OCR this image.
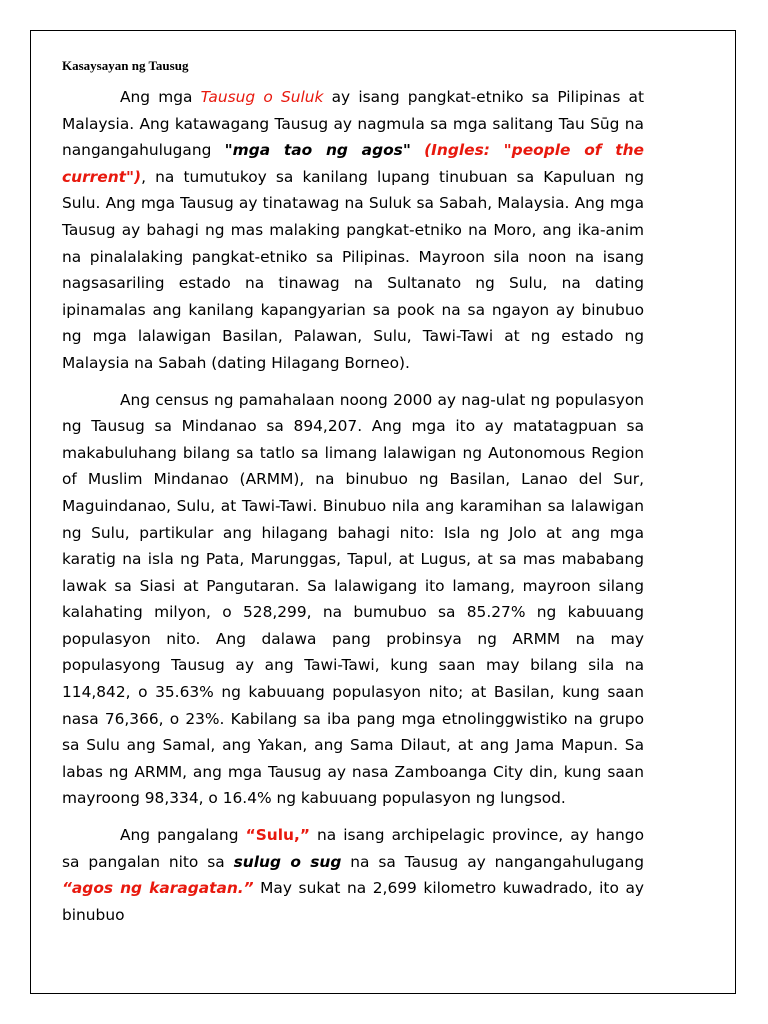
Kasaysayan ng Tausug

Ang mga Tausug o Suluk ay isang pangkat-etniko sa Pilipinas at Malaysia. Ang katawagang Tausug ay nagmula sa mga salitang Tau Sūg na nangangahulugang "mga tao ng agos" (Ingles: "people of the current"), na tumutukoy sa kanilang lupang tinubuan sa Kapuluan ng Sulu. Ang mga Tausug ay tinatawag na Suluk sa Sabah, Malaysia. Ang mga Tausug ay bahagi ng mas malaking pangkat-etniko na Moro, ang ika-anim na pinalalaking pangkat-etniko sa Pilipinas. Mayroon sila noon na isang nagsasariling estado na tinawag na Sultanato ng Sulu, na dating ipinamalas ang kanilang kapangyarian sa pook na sa ngayon ay binubuo ng mga lalawigan Basilan, Palawan, Sulu, Tawi-Tawi at ng estado ng Malaysia na Sabah (dating Hilagang Borneo).

Ang census ng pamahalaan noong 2000 ay nag-ulat ng populasyon ng Tausug sa Mindanao sa 894,207. Ang mga ito ay matatagpuan sa makabuluhang bilang sa tatlo sa limang lalawigan ng Autonomous Region of Muslim Mindanao (ARMM), na binubuo ng Basilan, Lanao del Sur, Maguindanao, Sulu, at Tawi-Tawi. Binubuo nila ang karamihan sa lalawigan ng Sulu, partikular ang hilagang bahagi nito: Isla ng Jolo at ang mga karatig na isla ng Pata, Marunggas, Tapul, at Lugus, at sa mas mababang lawak sa Siasi at Pangutaran. Sa lalawigang ito lamang, mayroon silang kalahating milyon, o 528,299, na bumubuo sa 85.27% ng kabuuang populasyon nito. Ang dalawa pang probinsya ng ARMM na may populasyong Tausug ay ang Tawi-Tawi, kung saan may bilang sila na 114,842, o 35.63% ng kabuuang populasyon nito; at Basilan, kung saan nasa 76,366, o 23%. Kabilang sa iba pang mga etnolinggwistiko na grupo sa Sulu ang Samal, ang Yakan, ang Sama Dilaut, at ang Jama Mapun. Sa labas ng ARMM, ang mga Tausug ay nasa Zamboanga City din, kung saan mayroong 98,334, o 16.4% ng kabuuang populasyon ng lungsod.

Ang pangalang “Sulu,” na isang archipelagic province, ay hango sa pangalan nito sa sulug o sug na sa Tausug ay nangangahulugang “agos ng karagatan.” May sukat na 2,699 kilometro kuwadrado, ito ay binubuo
